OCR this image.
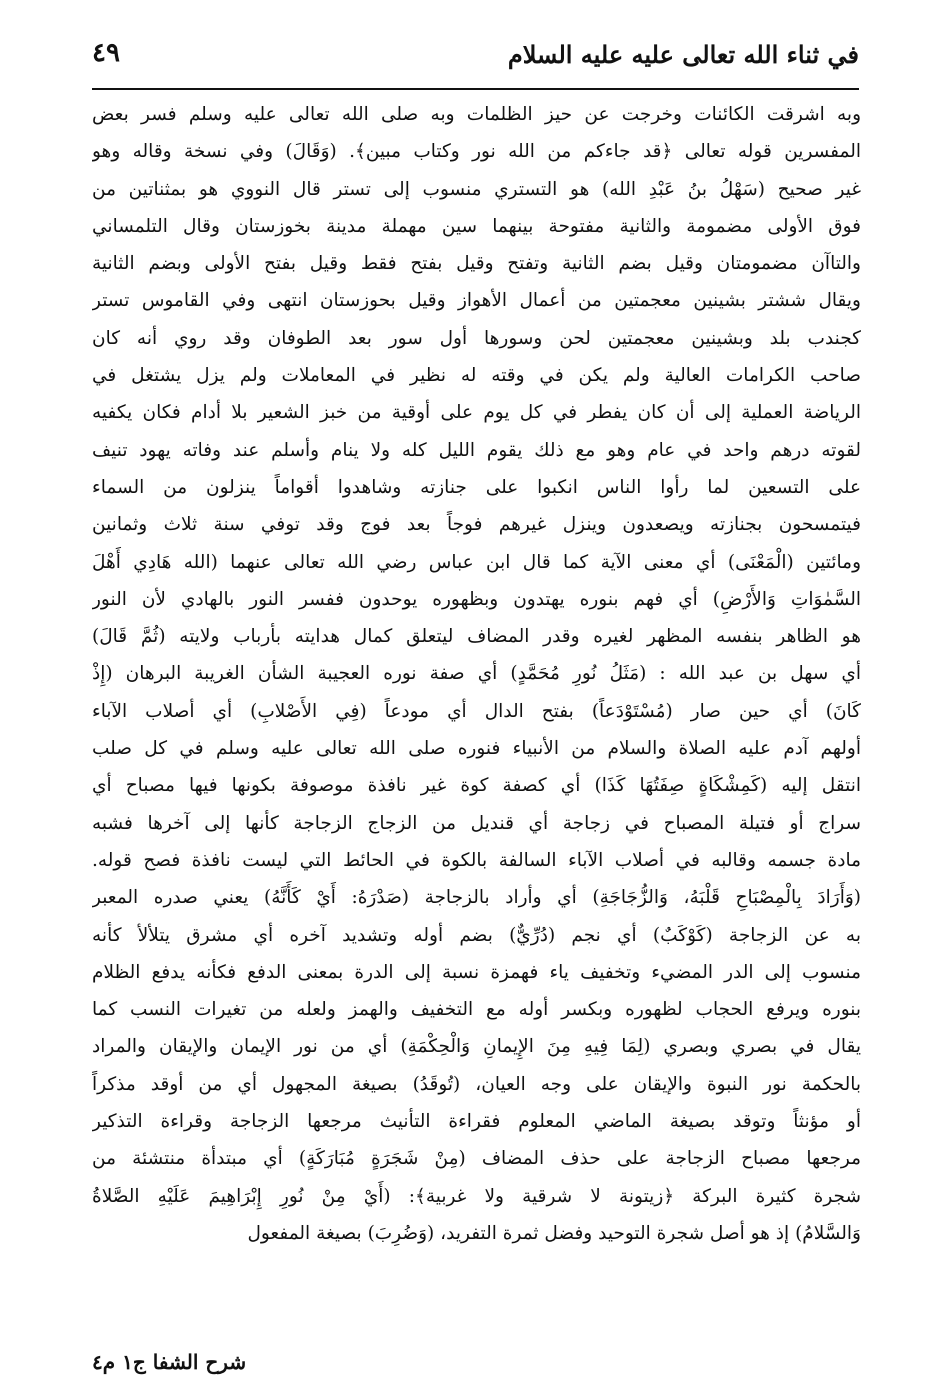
في ثناء الله تعالى عليه عليه السلام
٤٩
وبه اشرقت الكائنات وخرجت عن حيز الظلمات وبه صلى الله تعالى عليه وسلم فسر بعض
المفسرين قوله تعالى ﴿قد جاءكم من الله نور وكتاب مبين﴾. (وَقَالَ) وفي نسخة وقاله وهو
غير صحيح (سَهْلُ بنُ عَبْدِ الله) هو التستري منسوب إلى تستر قال النووي هو بمثناتين من
فوق الأولى مضمومة والثانية مفتوحة بينهما سين مهملة مدينة بخوزستان وقال التلمساني
والتاآن مضمومتان وقيل بضم الثانية وتفتح وقيل بفتح فقط وقيل بفتح الأولى وبضم الثانية
ويقال ششتر بشينين معجمتين من أعمال الأهواز وقيل بحوزستان انتهى وفي القاموس تستر
كجندب بلد وبشينين معجمتين لحن وسورها أول سور بعد الطوفان وقد روي أنه كان
صاحب الكرامات العالية ولم يكن في وقته له نظير في المعاملات ولم يزل يشتغل في
الرياضة العملية إلى أن كان يفطر في كل يوم على أوقية من خبز الشعير بلا أدام فكان يكفيه
لقوته درهم واحد في عام وهو مع ذلك يقوم الليل كله ولا ينام وأسلم عند وفاته يهود تنيف
على التسعين لما رأوا الناس انكبوا على جنازته وشاهدوا أقواماً ينزلون من السماء
فيتمسحون بجنازته ويصعدون وينزل غيرهم فوجاً بعد فوج وقد توفي سنة ثلاث وثمانين
ومائتين (الْمَعْنَى) أي معنى الآية كما قال ابن عباس رضي الله تعالى عنهما (الله هَادِي أَهْلَ
السَّمٰوَاتِ وَالأَرْضِ) أي فهم بنوره يهتدون وبظهوره يوحدون ففسر النور بالهادي لأن النور
هو الظاهر بنفسه المظهر لغيره وقدر المضاف ليتعلق كمال هدايته بأرباب ولايته (ثُمَّ قَالَ)
أي سهل بن عبد الله : (مَثَلُ نُورِ مُحَمَّدٍ) أي صفة نوره العجيبة الشأن الغريبة البرهان (إِذْ
كَانَ) أي حين صار (مُسْتَوْدَعاً) بفتح الدال أي مودعاً (فِي الأَصْلابِ) أي أصلاب الآباء
أولهم آدم عليه الصلاة والسلام من الأنبياء فنوره صلى الله تعالى عليه وسلم في كل صلب
انتقل إليه (كَمِشْكَاةٍ صِفَتُهَا كَذَا) أي كصفة كوة غير نافذة موصوفة بكونها فيها مصباح أي
سراج أو فتيلة المصباح في زجاجة أي قنديل من الزجاج الزجاجة كأنها إلى آخرها فشبه
مادة جسمه وقالبه في أصلاب الآباء السالفة بالكوة في الحائط التي ليست نافذة فصح قوله.
(وَأَرَادَ بِالْمِصْبَاحِ قَلْبَهُ، وَالزُّجَاجَةِ) أي وأراد بالزجاجة (صَدْرَهُ: أَيْ كَأَنَّهُ) يعني صدره المعبر
به عن الزجاجة (كَوْكَبٌ) أي نجم (دُرِّيٌّ) بضم أوله وتشديد آخره أي مشرق يتلألأ كأنه
منسوب إلى الدر المضيء وتخفيف ياء فهمزة نسبة إلى الدرة بمعنى الدفع فكأنه يدفع الظلام
بنوره ويرفع الحجاب لظهوره وبكسر أوله مع التخفيف والهمز ولعله من تغيرات النسب كما
يقال في بصري وبصري (لِمَا فِيهِ مِنَ الإِيمانِ وَالْحِكْمَةِ) أي من نور الإيمان والإيقان والمراد
بالحكمة نور النبوة والإيقان على وجه العيان، (تُوقَدُ) بصيغة المجهول أي من أوقد مذكراً
أو مؤنثاً وتوقد بصيغة الماضي المعلوم فقراءة التأنيث مرجعها الزجاجة وقراءة التذكير
مرجعها مصباح الزجاجة على حذف المضاف (مِنْ شَجَرَةٍ مُبَارَكَةٍ) أي مبتدأة منتشئة من
شجرة كثيرة البركة ﴿زيتونة لا شرقية ولا غربية﴾: (أَيْ مِنْ نُورِ إِبْرَاهِيمَ عَلَيْهِ الصَّلاةُ
وَالسَّلامُ) إذ هو أصل شجرة التوحيد وفضل ثمرة التفريد، (وَضُرِبَ) بصيغة المفعول
شرح الشفا ج١ م٤
